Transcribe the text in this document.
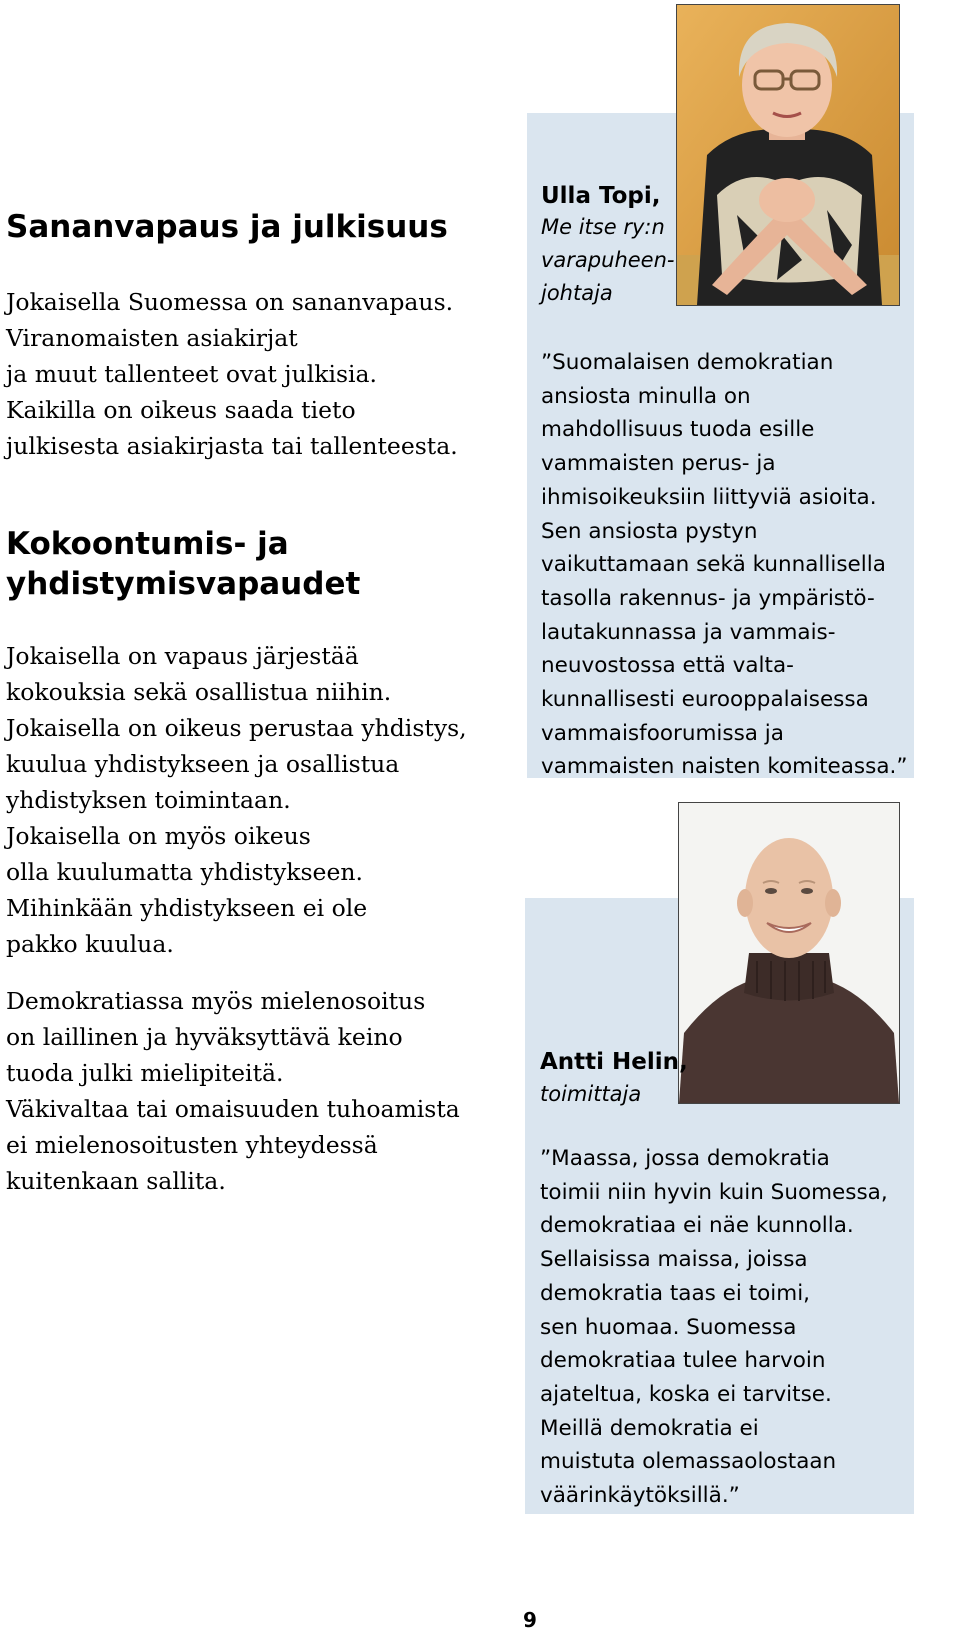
Sananvapaus ja julkisuus

Jokaisella Suomessa on sananvapaus.
Viranomaisten asiakirjat
ja muut tallenteet ovat julkisia.
Kaikilla on oikeus saada tieto
julkisesta asiakirjasta tai tallenteesta.

Kokoontumis- ja
yhdistymisvapaudet

Jokaisella on vapaus järjestää
kokouksia sekä osallistua niihin.
Jokaisella on oikeus perustaa yhdistys,
kuulua yhdistykseen ja osallistua
yhdistyksen toimintaan.
Jokaisella on myös oikeus
olla kuulumatta yhdistykseen.
Mihinkään yhdistykseen ei ole
pakko kuulua.

Demokratiassa myös mielenosoitus
on laillinen ja hyväksyttävä keino
tuoda julki mielipiteitä.
Väkivaltaa tai omaisuuden tuhoamista
ei mielenosoitusten yhteydessä
kuitenkaan sallita.

Ulla Topi,

Me itse ry:n
varapuheen-
johtaja

”Suomalaisen demokratian
ansiosta minulla on
mahdollisuus tuoda esille
vammaisten perus- ja
ihmisoikeuksiin liittyviä asioita.
Sen ansiosta pystyn
vaikuttamaan sekä kunnallisella
tasolla rakennus- ja ympäristö-
lautakunnassa ja vammais-
neuvostossa että valta-
kunnallisesti eurooppalaisessa
vammaisfoorumissa ja
vammaisten naisten komiteassa.”

Antti Helin,

toimittaja

”Maassa, jossa demokratia
toimii niin hyvin kuin Suomessa,
demokratiaa ei näe kunnolla.
Sellaisissa maissa, joissa
demokratia taas ei toimi,
sen huomaa. Suomessa
demokratiaa tulee harvoin
ajateltua, koska ei tarvitse.
Meillä demokratia ei
muistuta olemassaolostaan
väärinkäytöksillä.”

9
